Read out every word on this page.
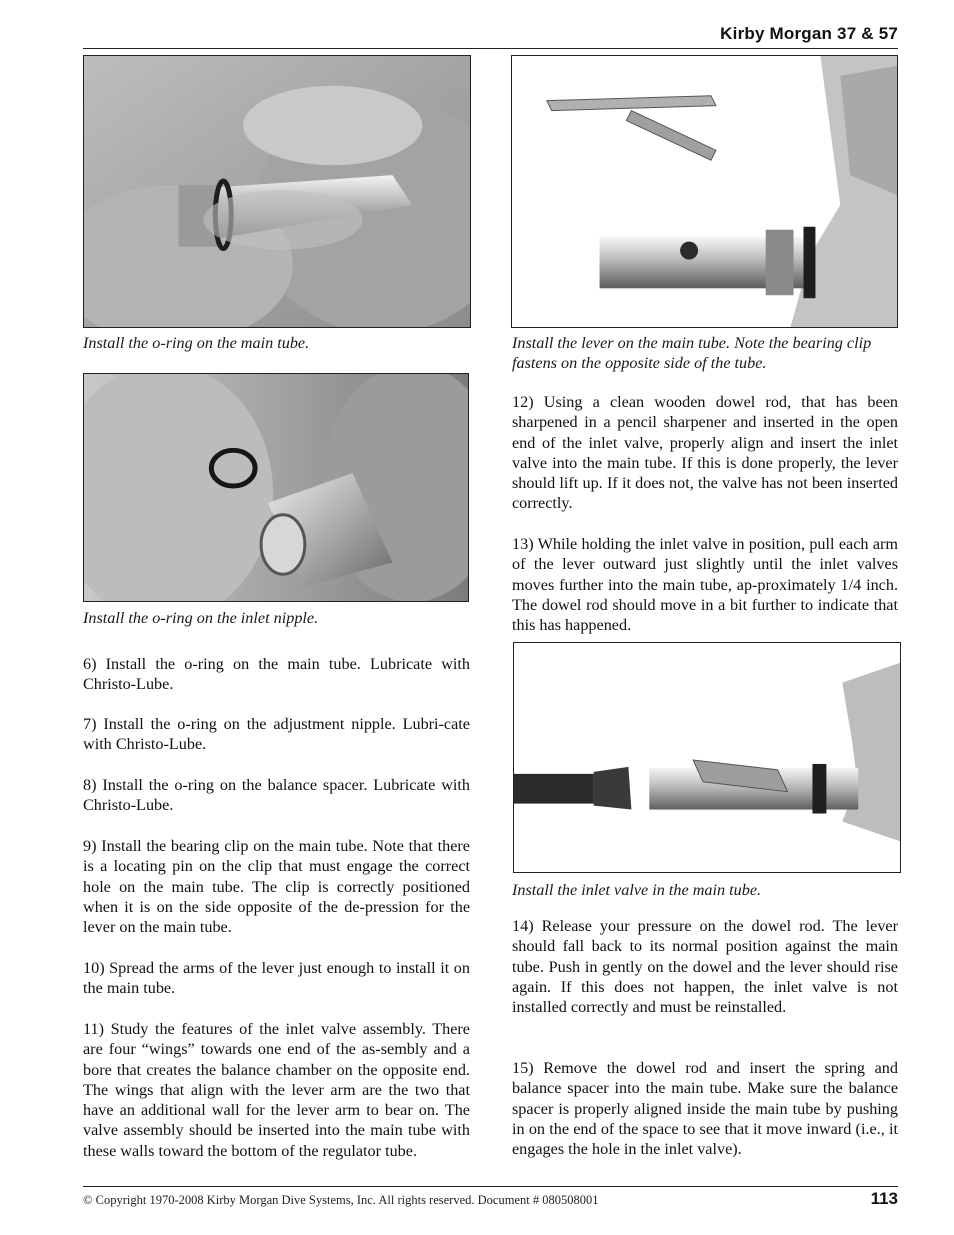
Kirby Morgan 37 & 57
Install the o-ring on the main tube.
Install the o-ring on the inlet nipple.

6) Install the o-ring on the main tube. Lubricate with Christo-Lube.

7) Install the o-ring on the adjustment nipple. Lubri-cate with Christo-Lube.

8) Install the o-ring on the balance spacer. Lubricate with Christo-Lube.

9) Install the bearing clip on the main tube. Note that there is a locating pin on the clip that must engage the correct hole on the main tube. The clip is correctly positioned when it is on the side opposite of the de-pression for the lever on the main tube.

10) Spread the arms of the lever just enough to install it on the main tube.

11) Study the features of the inlet valve assembly. There are four “wings” towards one end of the as-sembly and a bore that creates the balance chamber on the opposite end. The wings that align with the lever arm are the two that have an additional wall for the lever arm to bear on. The valve assembly should be inserted into the main tube with these walls toward the bottom of the regulator tube.

Install the lever on the main tube. Note the bearing clip fastens on the opposite side of the tube.

12) Using a clean wooden dowel rod, that has been sharpened in a pencil sharpener and inserted in the open end of the inlet valve, properly align and insert the inlet valve into the main tube. If this is done properly, the lever should lift up. If it does not, the valve has not been inserted correctly.

13) While holding the inlet valve in position, pull each arm of the lever outward just slightly until the inlet valves moves further into the main tube, ap-proximately 1/4 inch. The dowel rod should move in a bit further to indicate that this has happened.

Install the inlet valve in the main tube.

14) Release your pressure on the dowel rod. The lever should fall back to its normal position against the main tube. Push in gently on the dowel and the lever should rise again. If this does not happen, the inlet valve is not installed correctly and must be reinstalled.

15) Remove the dowel rod and insert the spring and balance spacer into the main tube. Make sure the balance spacer is properly aligned inside the main tube by pushing in on the end of the space to see that it move inward (i.e., it engages the hole in the inlet valve).

© Copyright 1970-2008 Kirby Morgan Dive Systems, Inc. All rights reserved. Document # 080508001	113
